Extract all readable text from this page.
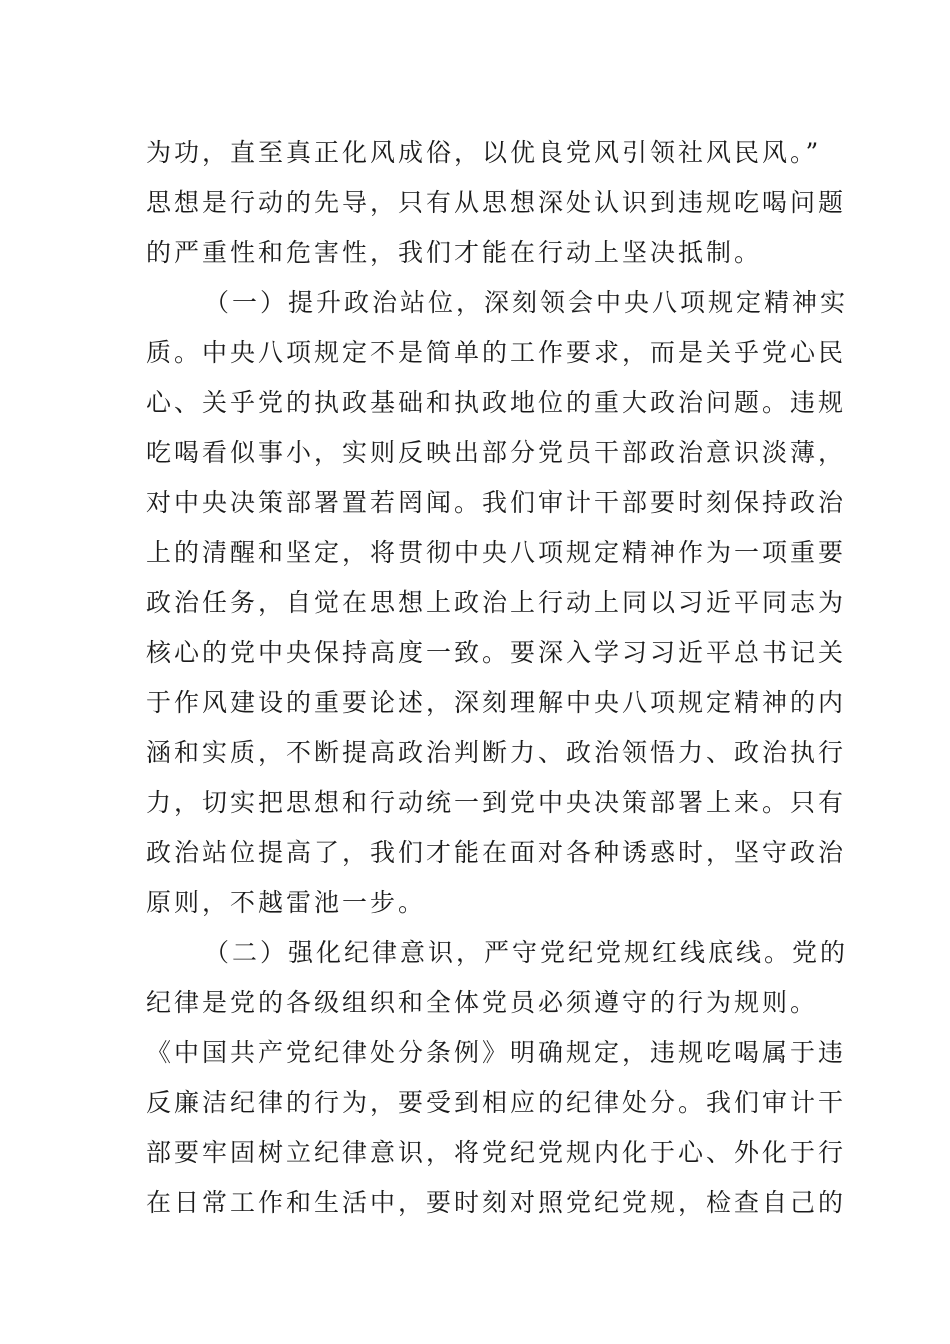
为功，直至真正化风成俗，以优良党风引领社风民风。”
思想是行动的先导，只有从思想深处认识到违规吃喝问题
的严重性和危害性，我们才能在行动上坚决抵制。
（一）提升政治站位，深刻领会中央八项规定精神实
质。中央八项规定不是简单的工作要求，而是关乎党心民
心、关乎党的执政基础和执政地位的重大政治问题。违规
吃喝看似事小，实则反映出部分党员干部政治意识淡薄，
对中央决策部署置若罔闻。我们审计干部要时刻保持政治
上的清醒和坚定，将贯彻中央八项规定精神作为一项重要
政治任务，自觉在思想上政治上行动上同以习近平同志为
核心的党中央保持高度一致。要深入学习习近平总书记关
于作风建设的重要论述，深刻理解中央八项规定精神的内
涵和实质，不断提高政治判断力、政治领悟力、政治执行
力，切实把思想和行动统一到党中央决策部署上来。只有
政治站位提高了，我们才能在面对各种诱惑时，坚守政治
原则，不越雷池一步。
（二）强化纪律意识，严守党纪党规红线底线。党的
纪律是党的各级组织和全体党员必须遵守的行为规则。
《中国共产党纪律处分条例》明确规定，违规吃喝属于违
反廉洁纪律的行为，要受到相应的纪律处分。我们审计干
部要牢固树立纪律意识，将党纪党规内化于心、外化于行
在日常工作和生活中，要时刻对照党纪党规，检查自己的
